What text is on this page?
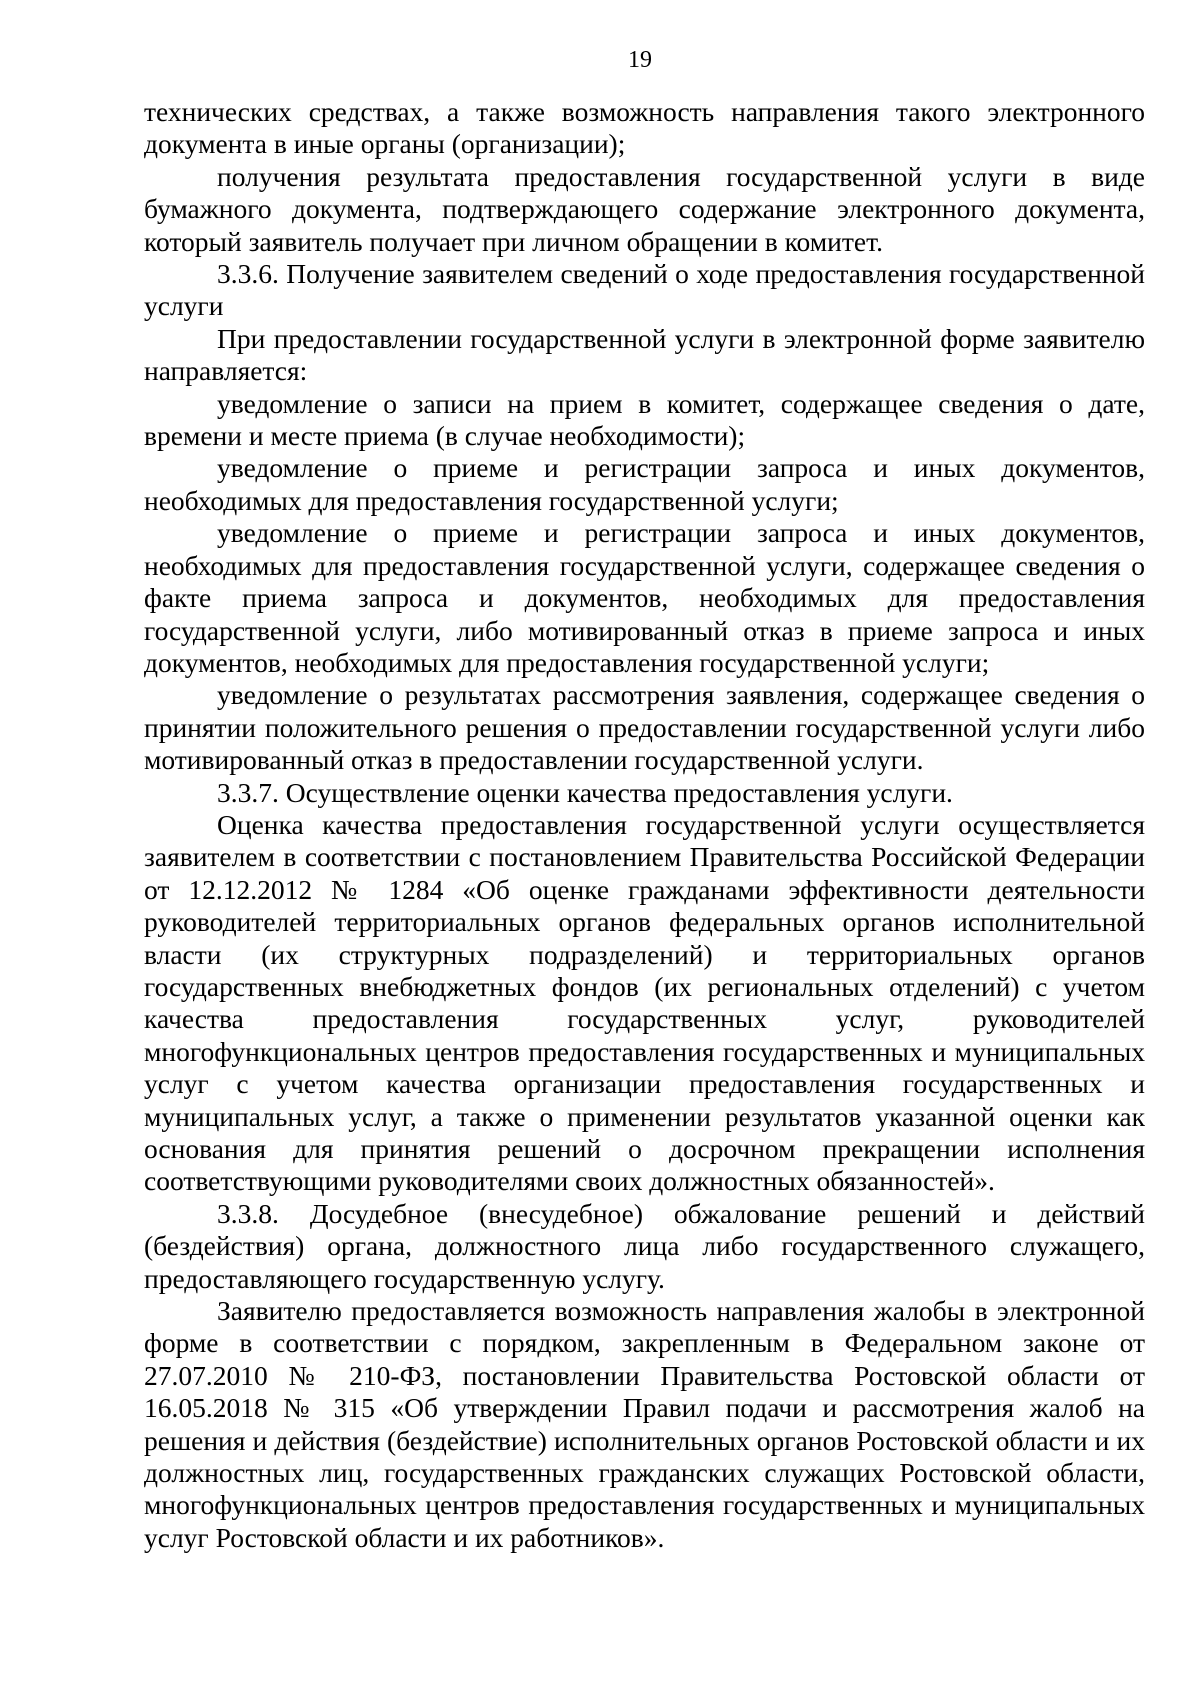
19

технических средствах, а также возможность направления такого электронного документа в иные органы (организации);

получения результата предоставления государственной услуги в виде бумажного документа, подтверждающего содержание электронного документа, который заявитель получает при личном обращении в комитет.

3.3.6. Получение заявителем сведений о ходе предоставления государственной услуги

При предоставлении государственной услуги в электронной форме заявителю направляется:

уведомление о записи на прием в комитет, содержащее сведения о дате, времени и месте приема (в случае необходимости);

уведомление о приеме и регистрации запроса и иных документов, необходимых для предоставления государственной услуги;

уведомление о приеме и регистрации запроса и иных документов, необходимых для предоставления государственной услуги, содержащее сведения о факте приема запроса и документов, необходимых для предоставления государственной услуги, либо мотивированный отказ в приеме запроса и иных документов, необходимых для предоставления государственной услуги;

уведомление о результатах рассмотрения заявления, содержащее сведения о принятии положительного решения о предоставлении государственной услуги либо мотивированный отказ в предоставлении государственной услуги.

3.3.7. Осуществление оценки качества предоставления услуги.

Оценка качества предоставления государственной услуги осуществляется заявителем в соответствии с постановлением Правительства Российской Федерации от 12.12.2012 № 1284 «Об оценке гражданами эффективности деятельности руководителей территориальных органов федеральных органов исполнительной власти (их структурных подразделений) и территориальных органов государственных внебюджетных фондов (их региональных отделений) с учетом качества предоставления государственных услуг, руководителей многофункциональных центров предоставления государственных и муниципальных услуг с учетом качества организации предоставления государственных и муниципальных услуг, а также о применении результатов указанной оценки как основания для принятия решений о досрочном прекращении исполнения соответствующими руководителями своих должностных обязанностей».

3.3.8. Досудебное (внесудебное) обжалование решений и действий (бездействия) органа, должностного лица либо государственного служащего, предоставляющего государственную услугу.

Заявителю предоставляется возможность направления жалобы в электронной форме в соответствии с порядком, закрепленным в Федеральном законе от 27.07.2010 № 210-ФЗ, постановлении Правительства Ростовской области от 16.05.2018 № 315 «Об утверждении Правил подачи и рассмотрения жалоб на решения и действия (бездействие) исполнительных органов Ростовской области и их должностных лиц, государственных гражданских служащих Ростовской области, многофункциональных центров предоставления государственных и муниципальных услуг Ростовской области и их работников».
